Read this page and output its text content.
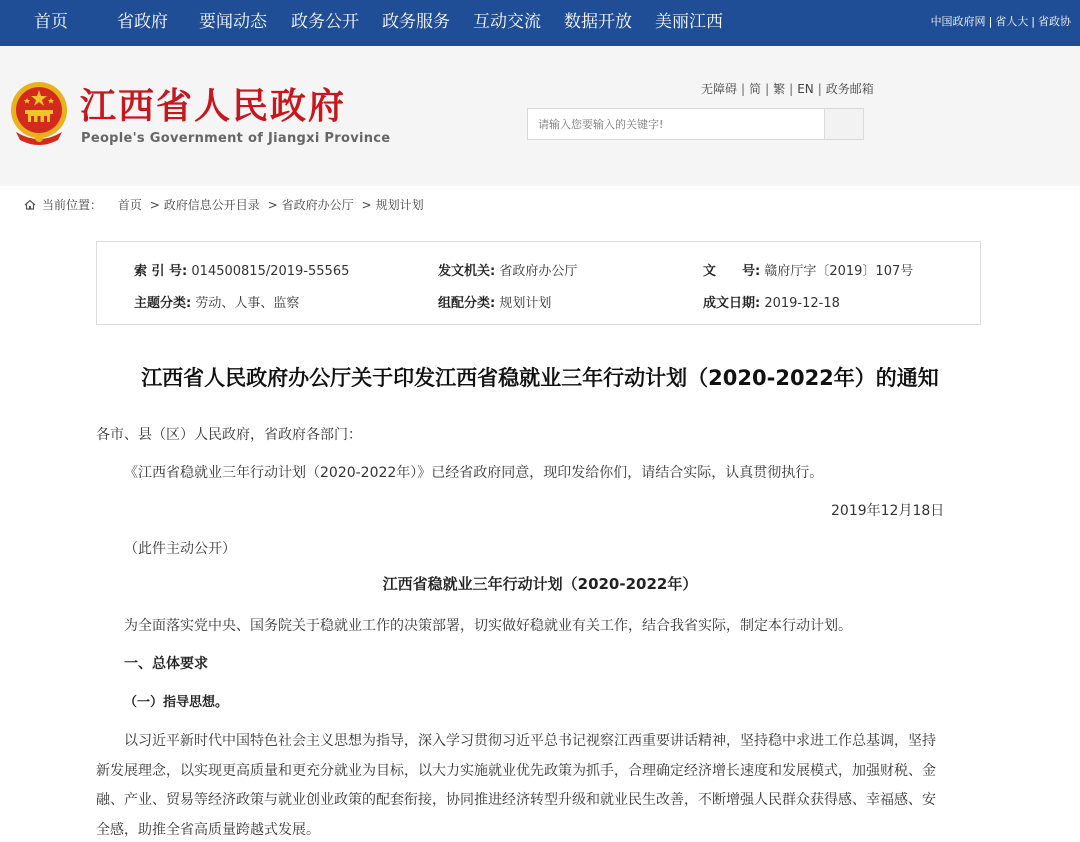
首页	省政府 要闻动态 政务公开 政务服务 互动交流 数据开放 美丽江西	中国政府网 | 省人大 | 省政协
江西省人民政府
People's Government of Jiangxi Province
无障碍 | 简 | 繁 | EN | 政务邮箱
请输入您要输入的关键字!
当前位置： 首页 > 政府信息公开目录 > 省政府办公厅 > 规划计划
索 引 号: 014500815/2019-55565	发文机关: 省政府办公厅	文　　号: 赣府厅字〔2019〕107号
主题分类: 劳动、人事、监察	组配分类: 规划计划	成文日期: 2019-12-18
江西省人民政府办公厅关于印发江西省稳就业三年行动计划（2020-2022年）的通知
各市、县（区）人民政府，省政府各部门：
《江西省稳就业三年行动计划（2020-2022年）》已经省政府同意，现印发给你们，请结合实际，认真贯彻执行。
2019年12月18日
（此件主动公开）
江西省稳就业三年行动计划（2020-2022年）
为全面落实党中央、国务院关于稳就业工作的决策部署，切实做好稳就业有关工作，结合我省实际，制定本行动计划。
一、总体要求
（一）指导思想。
以习近平新时代中国特色社会主义思想为指导，深入学习贯彻习近平总书记视察江西重要讲话精神，坚持稳中求进工作总基调，坚持
新发展理念，以实现更高质量和更充分就业为目标，以大力实施就业优先政策为抓手，合理确定经济增长速度和发展模式，加强财税、金
融、产业、贸易等经济政策与就业创业政策的配套衔接，协同推进经济转型升级和就业民生改善，不断增强人民群众获得感、幸福感、安
全感，助推全省高质量跨越式发展。
